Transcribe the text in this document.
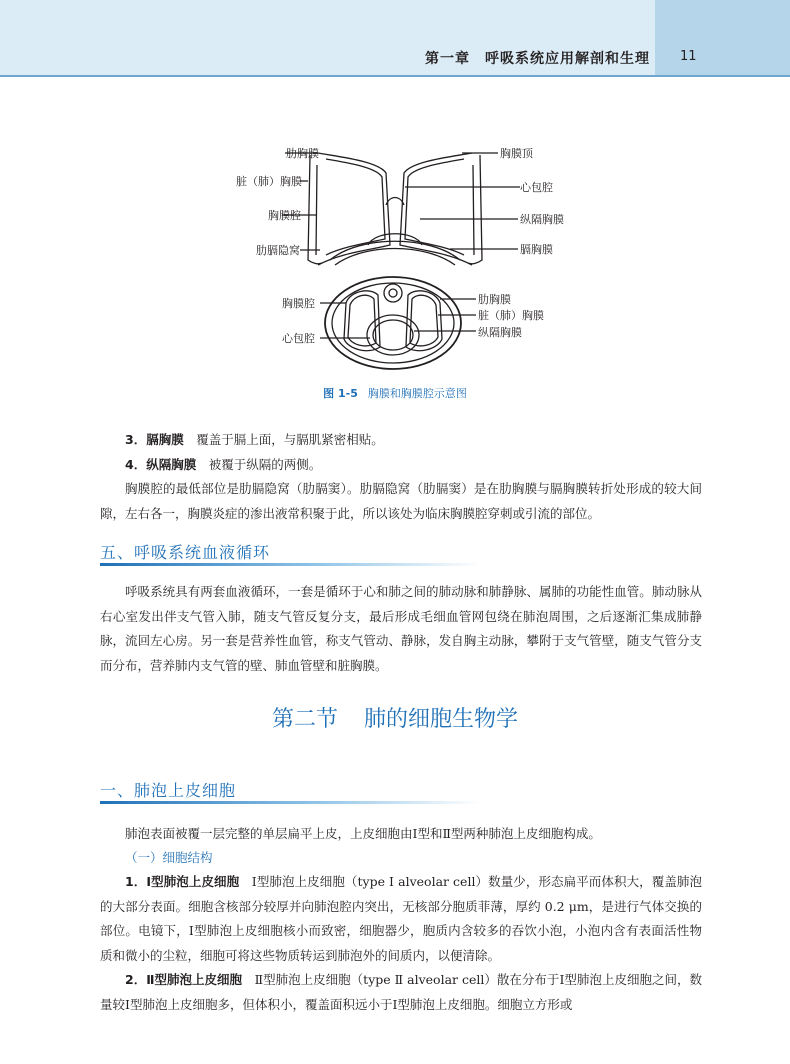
第一章　呼吸系统应用解剖和生理 11
肋胸膜
脏（肺）胸膜
胸膜腔
肋膈隐窝
胸膜顶
心包腔
纵隔胸膜
膈胸膜
胸膜腔
心包腔
肋胸膜
脏（肺）胸膜
纵隔胸膜
图 1-5 胸膜和胸膜腔示意图

3．膈胸膜　覆盖于膈上面，与膈肌紧密相贴。

4．纵隔胸膜　被覆于纵隔的两侧。

胸膜腔的最低部位是肋膈隐窝（肋膈窦）。肋膈隐窝（肋膈窦）是在肋胸膜与膈胸膜转折处形成的较大间隙，左右各一，胸膜炎症的渗出液常积聚于此，所以该处为临床胸膜腔穿刺或引流的部位。

五、呼吸系统血液循环

呼吸系统具有两套血液循环，一套是循环于心和肺之间的肺动脉和肺静脉、属肺的功能性血管。肺动脉从右心室发出伴支气管入肺，随支气管反复分支，最后形成毛细血管网包绕在肺泡周围，之后逐渐汇集成肺静脉，流回左心房。另一套是营养性血管，称支气管动、静脉，发自胸主动脉，攀附于支气管壁，随支气管分支而分布，营养肺内支气管的壁、肺血管壁和脏胸膜。

第二节 肺的细胞生物学
一、肺泡上皮细胞

肺泡表面被覆一层完整的单层扁平上皮，上皮细胞由Ⅰ型和Ⅱ型两种肺泡上皮细胞构成。

（一）细胞结构

1．Ⅰ型肺泡上皮细胞　Ⅰ型肺泡上皮细胞（type Ⅰ alveolar cell）数量少，形态扁平而体积大，覆盖肺泡的大部分表面。细胞含核部分较厚并向肺泡腔内突出，无核部分胞质菲薄，厚约 0.2 μm，是进行气体交换的部位。电镜下，Ⅰ型肺泡上皮细胞核小而致密，细胞器少，胞质内含较多的吞饮小泡，小泡内含有表面活性物质和微小的尘粒，细胞可将这些物质转运到肺泡外的间质内，以便清除。

2．Ⅱ型肺泡上皮细胞　Ⅱ型肺泡上皮细胞（type Ⅱ alveolar cell）散在分布于Ⅰ型肺泡上皮细胞之间，数量较Ⅰ型肺泡上皮细胞多，但体积小，覆盖面积远小于Ⅰ型肺泡上皮细胞。细胞立方形或
